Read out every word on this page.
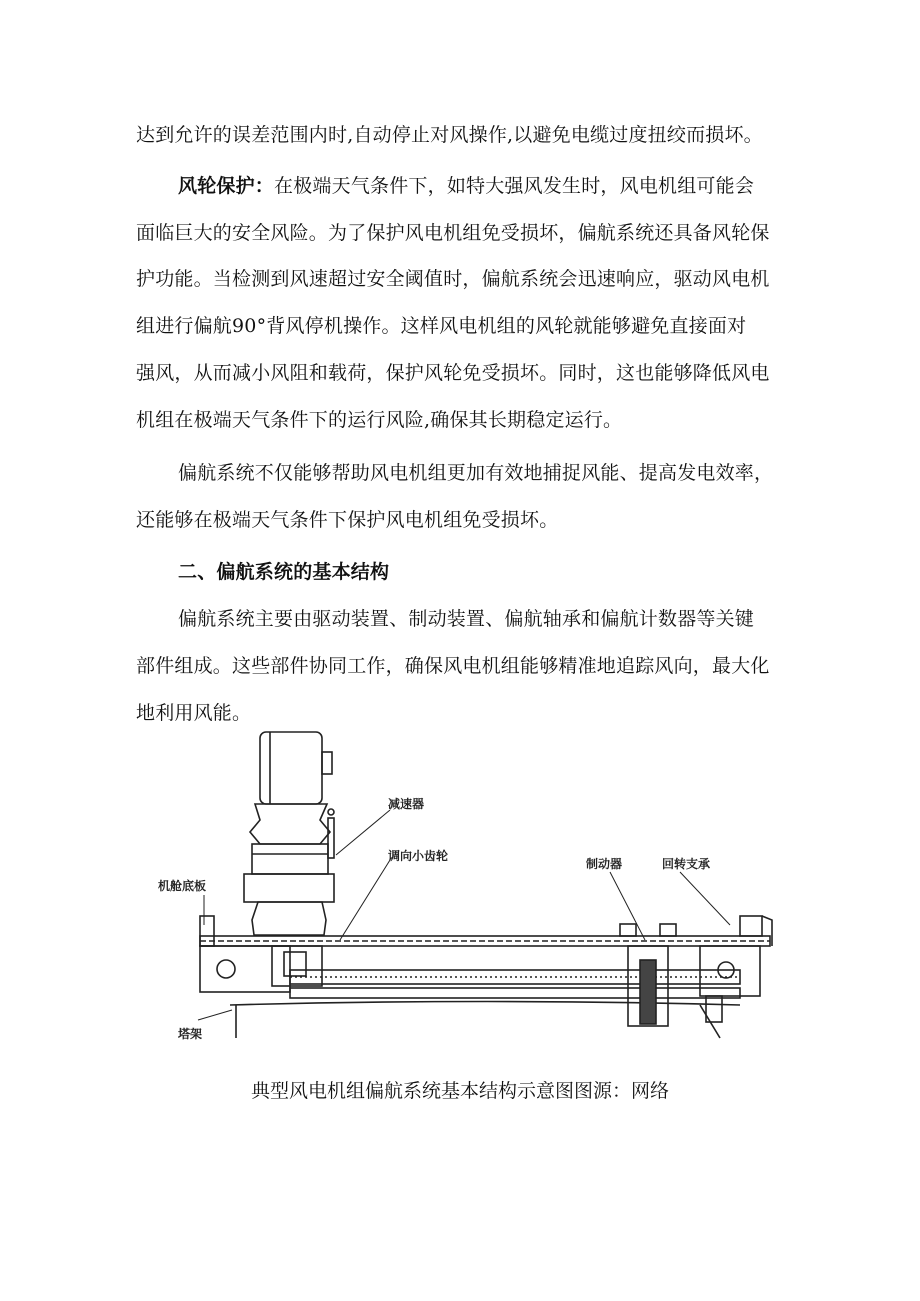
达到允许的误差范围内时,自动停止对风操作,以避免电缆过度扭绞而损坏。
风轮保护：在极端天气条件下，如特大强风发生时，风电机组可能会
面临巨大的安全风险。为了保护风电机组免受损坏，偏航系统还具备风轮保
护功能。当检测到风速超过安全阈值时，偏航系统会迅速响应，驱动风电机
组进行偏航90°背风停机操作。这样风电机组的风轮就能够避免直接面对
强风，从而减小风阻和载荷，保护风轮免受损坏。同时，这也能够降低风电
机组在极端天气条件下的运行风险,确保其长期稳定运行。
偏航系统不仅能够帮助风电机组更加有效地捕捉风能、提高发电效率，
还能够在极端天气条件下保护风电机组免受损坏。
二、偏航系统的基本结构
偏航系统主要由驱动装置、制动装置、偏航轴承和偏航计数器等关键
部件组成。这些部件协同工作，确保风电机组能够精准地追踪风向，最大化
地利用风能。
减速器
调向小齿轮
机舱底板
制动器	回转支承
塔架
典型风电机组偏航系统基本结构示意图图源：网络
